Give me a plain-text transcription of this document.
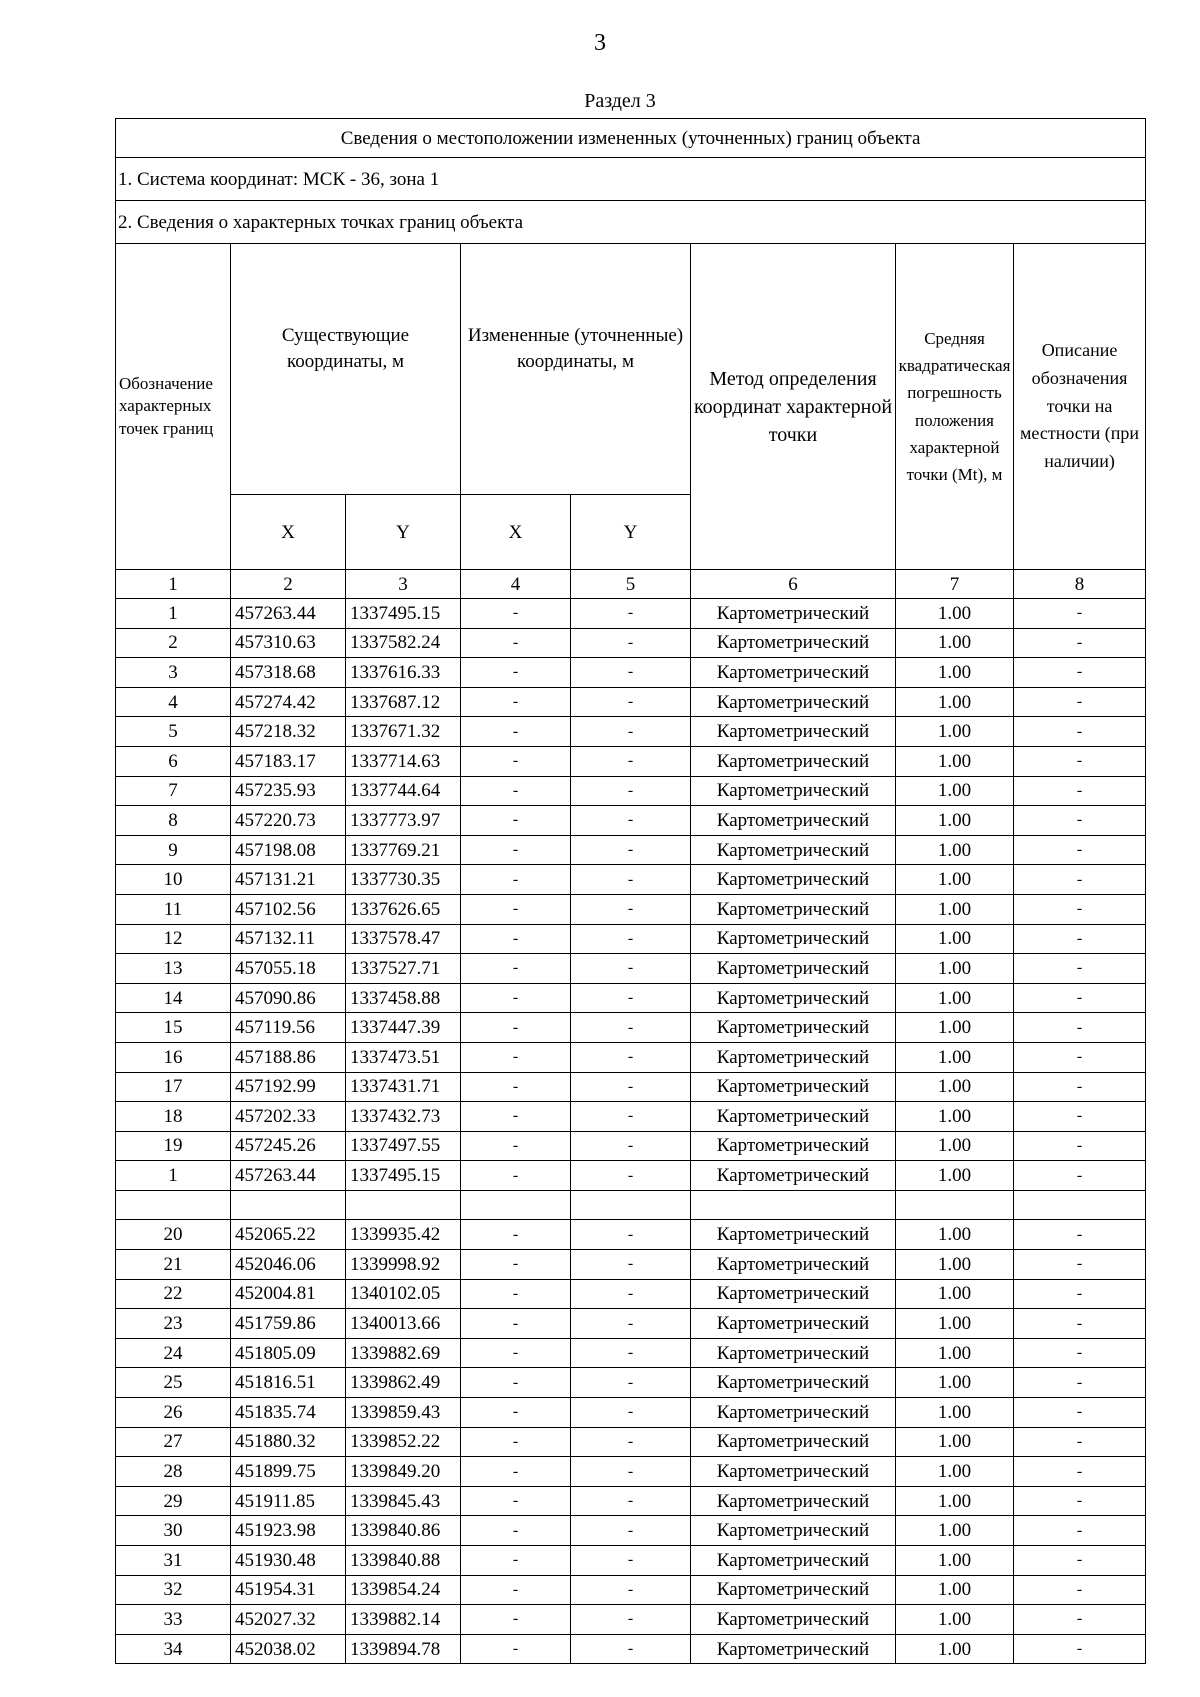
3
Раздел 3
Сведения о местоположении измененных (уточненных) границ объекта							
1. Система координат: МСК - 36, зона 1							
2. Сведения о характерных точках границ объекта							
Обозначение характерных точек границ	Существующие координаты, м		Измененные (уточненные) координаты, м		Метод определения координат характерной точки	Средняя квадратическая погрешность положения характерной точки (Mt), м	Описание обозначения точки на местности (при наличии)
	X	Y	X	Y			
1	2	3	4	5	6	7	8
1	457263.44	1337495.15	-	-	Картометрический	1.00	-
2	457310.63	1337582.24	-	-	Картометрический	1.00	-
3	457318.68	1337616.33	-	-	Картометрический	1.00	-
4	457274.42	1337687.12	-	-	Картометрический	1.00	-
5	457218.32	1337671.32	-	-	Картометрический	1.00	-
6	457183.17	1337714.63	-	-	Картометрический	1.00	-
7	457235.93	1337744.64	-	-	Картометрический	1.00	-
8	457220.73	1337773.97	-	-	Картометрический	1.00	-
9	457198.08	1337769.21	-	-	Картометрический	1.00	-
10	457131.21	1337730.35	-	-	Картометрический	1.00	-
11	457102.56	1337626.65	-	-	Картометрический	1.00	-
12	457132.11	1337578.47	-	-	Картометрический	1.00	-
13	457055.18	1337527.71	-	-	Картометрический	1.00	-
14	457090.86	1337458.88	-	-	Картометрический	1.00	-
15	457119.56	1337447.39	-	-	Картометрический	1.00	-
16	457188.86	1337473.51	-	-	Картометрический	1.00	-
17	457192.99	1337431.71	-	-	Картометрический	1.00	-
18	457202.33	1337432.73	-	-	Картометрический	1.00	-
19	457245.26	1337497.55	-	-	Картометрический	1.00	-
1	457263.44	1337495.15	-	-	Картометрический	1.00	-

20	452065.22	1339935.42	-	-	Картометрический	1.00	-
21	452046.06	1339998.92	-	-	Картометрический	1.00	-
22	452004.81	1340102.05	-	-	Картометрический	1.00	-
23	451759.86	1340013.66	-	-	Картометрический	1.00	-
24	451805.09	1339882.69	-	-	Картометрический	1.00	-
25	451816.51	1339862.49	-	-	Картометрический	1.00	-
26	451835.74	1339859.43	-	-	Картометрический	1.00	-
27	451880.32	1339852.22	-	-	Картометрический	1.00	-
28	451899.75	1339849.20	-	-	Картометрический	1.00	-
29	451911.85	1339845.43	-	-	Картометрический	1.00	-
30	451923.98	1339840.86	-	-	Картометрический	1.00	-
31	451930.48	1339840.88	-	-	Картометрический	1.00	-
32	451954.31	1339854.24	-	-	Картометрический	1.00	-
33	452027.32	1339882.14	-	-	Картометрический	1.00	-
34	452038.02	1339894.78	-	-	Картометрический	1.00	-
